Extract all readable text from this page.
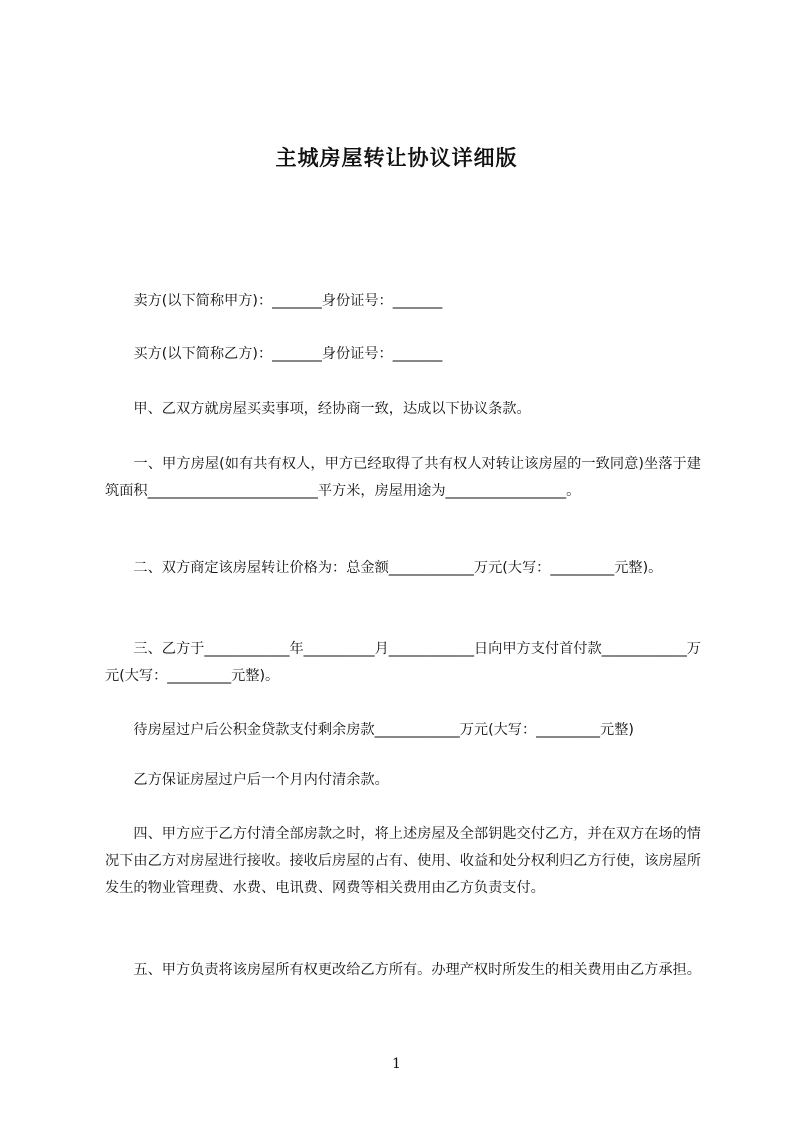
主城房屋转让协议详细版

　　卖方(以下简称甲方)：_______身份证号：_______

　　买方(以下简称乙方)：_______身份证号：_______

　　甲、乙双方就房屋买卖事项，经协商一致，达成以下协议条款。

　　一、甲方房屋(如有共有权人，甲方已经取得了共有权人对转让该房屋的一致同意)坐落于建筑面积________________________平方米，房屋用途为_________________。

　　二、双方商定该房屋转让价格为：总金额____________万元(大写：_________元整)。

　　三、乙方于____________年__________月____________日向甲方支付首付款____________万元(大写：_________元整)。

　　待房屋过户后公积金贷款支付剩余房款____________万元(大写：_________元整)

　　乙方保证房屋过户后一个月内付清余款。

　　四、甲方应于乙方付清全部房款之时，将上述房屋及全部钥匙交付乙方，并在双方在场的情况下由乙方对房屋进行接收。接收后房屋的占有、使用、收益和处分权利归乙方行使，该房屋所发生的物业管理费、水费、电讯费、网费等相关费用由乙方负责支付。

　　五、甲方负责将该房屋所有权更改给乙方所有。办理产权时所发生的相关费用由乙方承担。

1
